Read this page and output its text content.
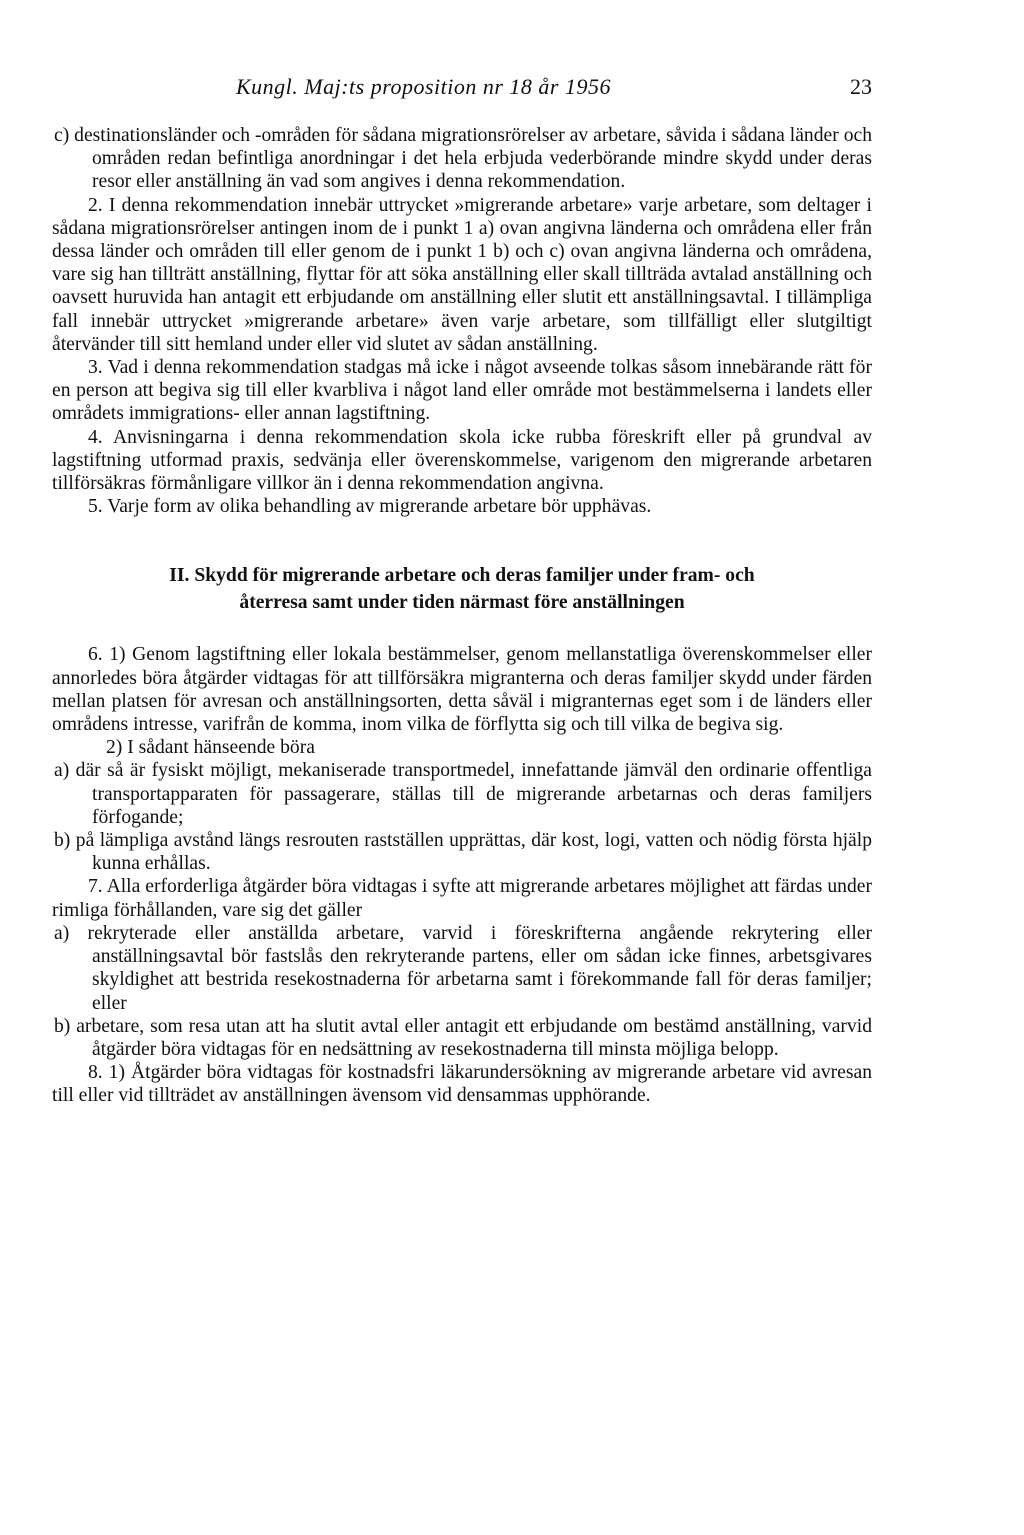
Kungl. Maj:ts proposition nr 18 år 1956	23

c) destinationsländer och -områden för sådana migrationsrörelser av arbetare, såvida i sådana länder och områden redan befintliga anordningar i det hela erbjuda vederbörande mindre skydd under deras resor eller anställning än vad som angives i denna rekommendation.

2. I denna rekommendation innebär uttrycket »migrerande arbetare» varje arbetare, som deltager i sådana migrationsrörelser antingen inom de i punkt 1 a) ovan angivna länderna och områdena eller från dessa länder och områden till eller genom de i punkt 1 b) och c) ovan angivna länderna och områdena, vare sig han tillträtt anställning, flyttar för att söka anställning eller skall tillträda avtalad anställning och oavsett huruvida han antagit ett erbjudande om anställning eller slutit ett anställningsavtal. I tillämpliga fall innebär uttrycket »migrerande arbetare» även varje arbetare, som tillfälligt eller slutgiltigt återvänder till sitt hemland under eller vid slutet av sådan anställning.

3. Vad i denna rekommendation stadgas må icke i något avseende tolkas såsom innebärande rätt för en person att begiva sig till eller kvarbliva i något land eller område mot bestämmelserna i landets eller områdets immigrations- eller annan lagstiftning.

4. Anvisningarna i denna rekommendation skola icke rubba föreskrift eller på grundval av lagstiftning utformad praxis, sedvänja eller överenskommelse, varigenom den migrerande arbetaren tillförsäkras förmånligare villkor än i denna rekommendation angivna.

5. Varje form av olika behandling av migrerande arbetare bör upphävas.

II. Skydd för migrerande arbetare och deras familjer under fram- och
återresa samt under tiden närmast före anställningen

6. 1) Genom lagstiftning eller lokala bestämmelser, genom mellanstatliga överenskommelser eller annorledes böra åtgärder vidtagas för att tillförsäkra migranterna och deras familjer skydd under färden mellan platsen för avresan och anställningsorten, detta såväl i migranternas eget som i de länders eller områdens intresse, varifrån de komma, inom vilka de förflytta sig och till vilka de begiva sig.

2) I sådant hänseende böra

a) där så är fysiskt möjligt, mekaniserade transportmedel, innefattande jämväl den ordinarie offentliga transportapparaten för passagerare, ställas till de migrerande arbetarnas och deras familjers förfogande;

b) på lämpliga avstånd längs resrouten rastställen upprättas, där kost, logi, vatten och nödig första hjälp kunna erhållas.

7. Alla erforderliga åtgärder böra vidtagas i syfte att migrerande arbetares möjlighet att färdas under rimliga förhållanden, vare sig det gäller

a) rekryterade eller anställda arbetare, varvid i föreskrifterna angående rekrytering eller anställningsavtal bör fastslås den rekryterande partens, eller om sådan icke finnes, arbetsgivares skyldighet att bestrida resekostnaderna för arbetarna samt i förekommande fall för deras familjer; eller

b) arbetare, som resa utan att ha slutit avtal eller antagit ett erbjudande om bestämd anställning, varvid åtgärder böra vidtagas för en nedsättning av resekostnaderna till minsta möjliga belopp.

8. 1) Åtgärder böra vidtagas för kostnadsfri läkarundersökning av migrerande arbetare vid avresan till eller vid tillträdet av anställningen ävensom vid densammas upphörande.
